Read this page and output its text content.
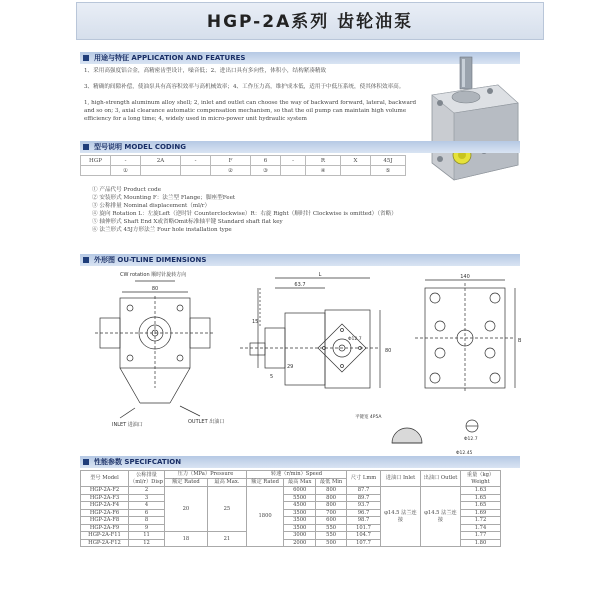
HGP-2A系列 齿轮油泵
用途与特征 APPLICATION AND FEATURES
1、采用高强度铝合金，高精密齿型设计，噪音低；2、进出口具有多向性，体积小，结构紧凑精致
3、精确的间隙补偿，使油泵具有高容积效率与高机械效率；4、工作压力高，维护成本低，适用于中低压系统，使其体积效率高。
1, high-strength aluminum alloy shell; 2, inlet and outlet can choose the way of backward forward, lateral, backward and so on; 3, axial clearance automatic compensation mechanism, so that the oil pump can maintain high volume efficiency for a long time; 4, widely used in micro-power unit hydraulic system
型号说明 MODEL CODING
HGP	-	2A	-	F	6	-	R	X	45J
	①			②	③		④		⑤
① 产品代号 Product code
② 安装形式 Mounting F：法兰型 Flange；脚座型Feet
③ 公称排量 Nominal displacement（ml/r）
④ 旋向 Rotation L：左旋Left（逆时针 Counterclockwise）R：右旋 Right（顺时针 Clockwise is omitted）（省略）
⑤ 轴伸形式 Shaft End X或省略Omit标准轴平键 Standard shaft flat key
⑥ 法兰形式 45J方形法兰 Four hole installation type
外形图 OU-TLINE DIMENSIONS
CW rotation 顺时针旋转方向
80
INLET 进油口	OUTLET 出油口
L
63.7
29
5
Φ12.7
80
15
140
B
平键宽 4P5A
Φ12.7
Φ12.45
性能参数 SPECIFCATION
型号 Model	公称排量（ml/r）Disp	压力（MPa）Pressure		转速（r/min）Speed			尺寸 Lmm	进油口 Inlet	出油口 Outlet	重量（kg）Weight
		额定 Rated	最高 Max.	额定 Rated	最高 Max	最低 Min				
HGP-2A-F2	2	20	25	1800	6000	800	87.7	φ14.5 法兰连接	φ14.5 法兰连接	1.63
HGP-2A-F3	3				5500	800	89.7			1.65
HGP-2A-F4	4				4500	800	93.7			1.65
HGP-2A-F6	6				3500	700	96.7			1.69
HGP-2A-F8	8				3500	600	98.7			1.72
HGP-2A-F9	9				3500	550	101.7			1.74
HGP-2A-F11	11	18	21		3000	550	104.7			1.77
HGP-2A-F12	12				2000	500	107.7			1.80
